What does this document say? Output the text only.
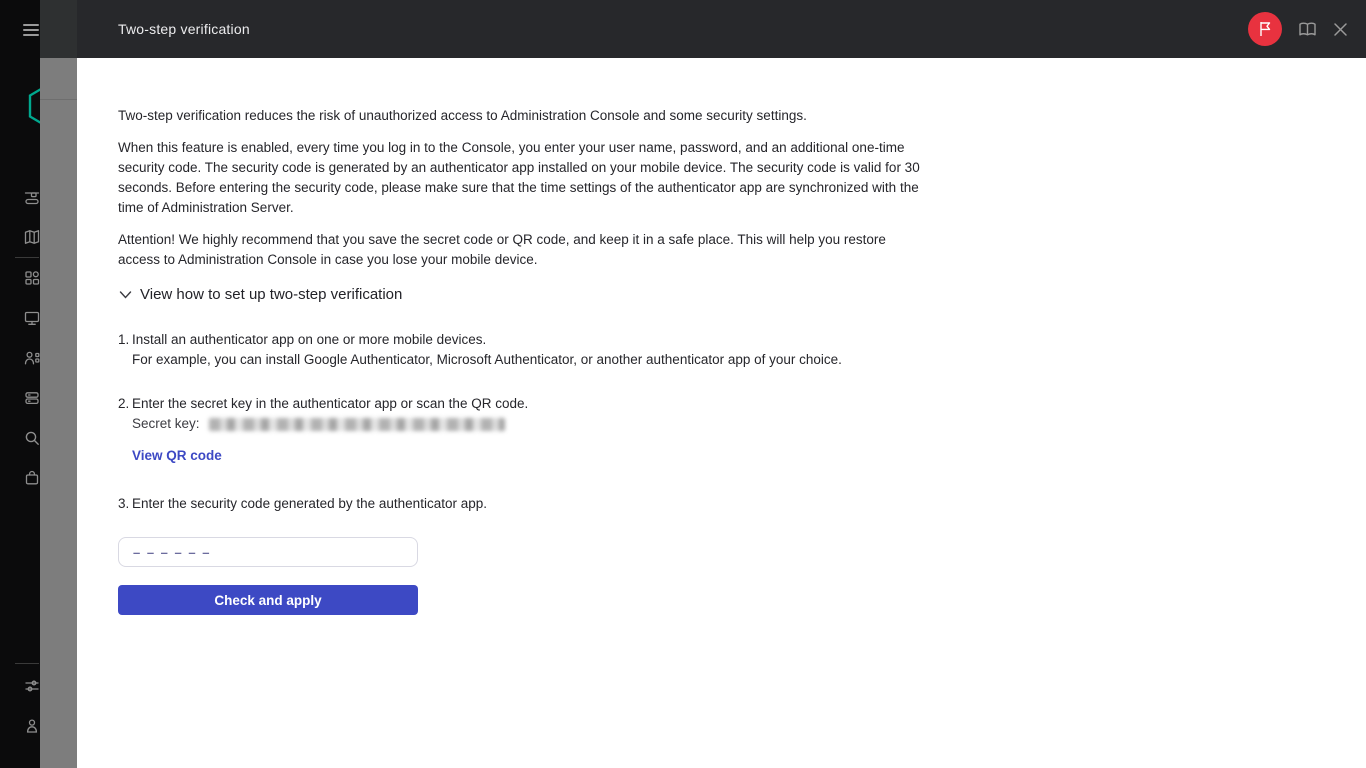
Two-step verification

Two-step verification reduces the risk of unauthorized access to Administration Console and some security settings.

When this feature is enabled, every time you log in to the Console, you enter your user name, password, and an additional one-time security code. The security code is generated by an authenticator app installed on your mobile device. The security code is valid for 30 seconds. Before entering the security code, please make sure that the time settings of the authenticator app are synchronized with the time of Administration Server.

Attention! We highly recommend that you save the secret code or QR code, and keep it in a safe place. This will help you restore access to Administration Console in case you lose your mobile device.

View how to set up two-step verification
1. Install an authenticator app on one or more mobile devices.
For example, you can install Google Authenticator, Microsoft Authenticator, or another authenticator app of your choice.
2. Enter the secret key in the authenticator app or scan the QR code.
Secret key:
View QR code
3. Enter the security code generated by the authenticator app.
– – – – – –
Check and apply
